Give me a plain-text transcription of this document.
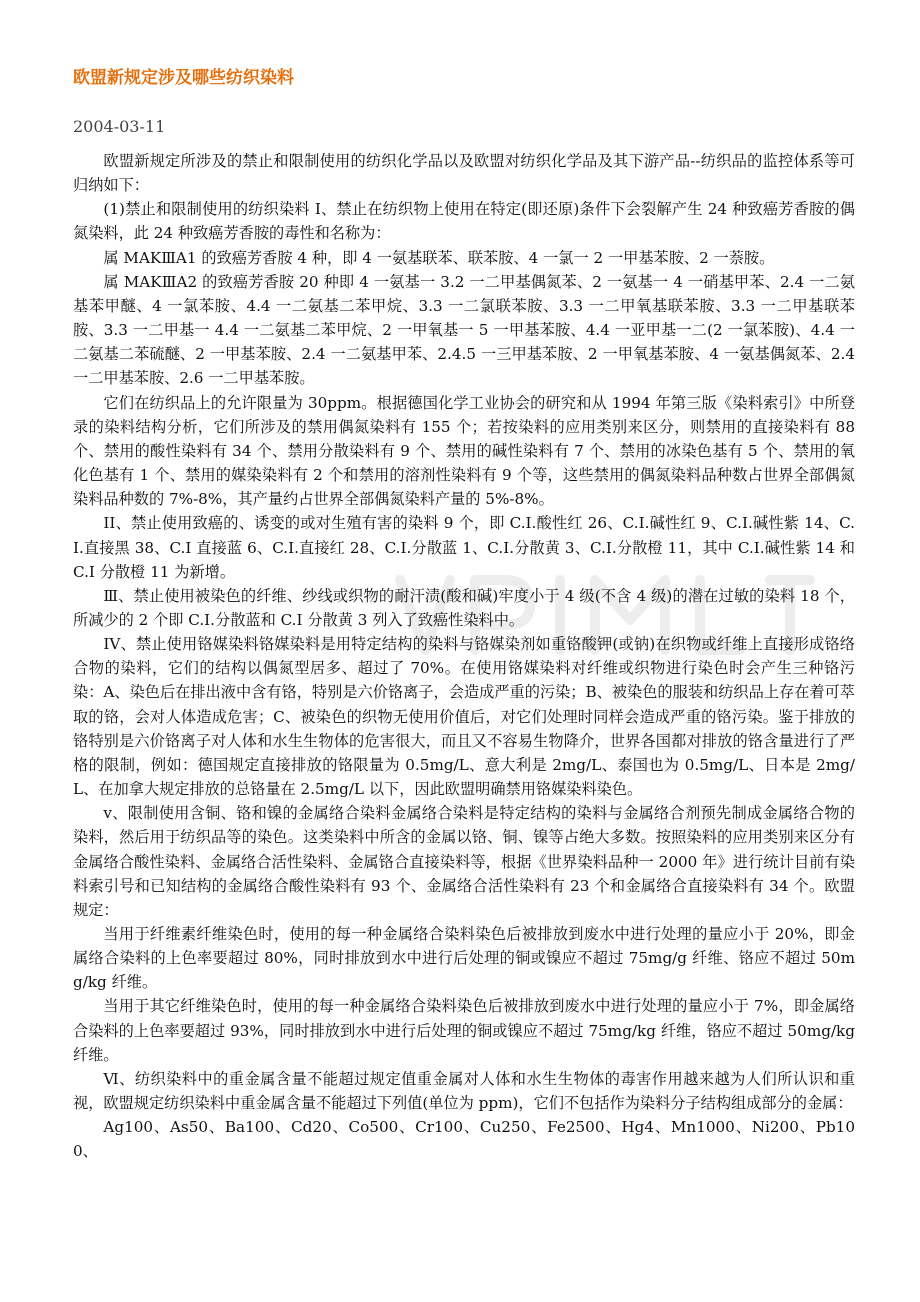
欧盟新规定涉及哪些纺织染料
2004-03-11

欧盟新规定所涉及的禁止和限制使用的纺织化学品以及欧盟对纺织化学品及其下游产品--纺织品的监控体系等可归纳如下：

(1)禁止和限制使用的纺织染料 I、禁止在纺织物上使用在特定(即还原)条件下会裂解产生 24 种致癌芳香胺的偶氮染料，此 24 种致癌芳香胺的毒性和名称为：

属 MAKⅢA1 的致癌芳香胺 4 种，即 4 一氨基联苯、联苯胺、4 一氯一 2 一甲基苯胺、2 一萘胺。

属 MAKⅢA2 的致癌芳香胺 20 种即 4 一氨基一 3.2 一二甲基偶氮苯、2 一氨基一 4 一硝基甲苯、2.4 一二氨基苯甲醚、4 一氯苯胺、4.4 一二氨基二苯甲烷、3.3 一二氯联苯胺、3.3 一二甲氧基联苯胺、3.3 一二甲基联苯胺、3.3 一二甲基一 4.4 一二氨基二苯甲烷、2 一甲氧基一 5 一甲基苯胺、4.4 一亚甲基一二(2 一氯苯胺)、4.4 一二氨基二苯硫醚、2 一甲基苯胺、2.4 一二氨基甲苯、2.4.5 一三甲基苯胺、2 一甲氧基苯胺、4 一氨基偶氮苯、2.4 一二甲基苯胺、2.6 一二甲基苯胺。

它们在纺织品上的允许限量为 30ppm。根据德国化学工业协会的研究和从 1994 年第三版《染料索引》中所登录的染料结构分析，它们所涉及的禁用偶氮染料有 155 个；若按染料的应用类别来区分，则禁用的直接染料有 88 个、禁用的酸性染料有 34 个、禁用分散染料有 9 个、禁用的碱性染料有 7 个、禁用的冰染色基有 5 个、禁用的氧化色基有 1 个、禁用的媒染染料有 2 个和禁用的溶剂性染料有 9 个等，这些禁用的偶氮染料品种数占世界全部偶氮染料品种数的 7%-8%，其产量约占世界全部偶氮染料产量的 5%-8%。

II、禁止使用致癌的、诱变的或对生殖有害的染料 9 个，即 C.I.酸性红 26、C.I.碱性红 9、C.I.碱性紫 14、C.I.直接黑 38、C.I 直接蓝 6、C.I.直接红 28、C.I.分散蓝 1、C.I.分散黄 3、C.I.分散橙 11，其中 C.I.碱性紫 14 和 C.I 分散橙 11 为新增。

Ⅲ、禁止使用被染色的纤维、纱线或织物的耐汗渍(酸和碱)牢度小于 4 级(不含 4 级)的潜在过敏的染料 18 个，所减少的 2 个即 C.I.分散蓝和 C.I 分散黄 3 列入了致癌性染料中。

IV、禁止使用铬媒染料铬媒染料是用特定结构的染料与铬媒染剂如重铬酸钾(或钠)在织物或纤维上直接形成铬络合物的染料，它们的结构以偶氮型居多、超过了 70%。在使用铬媒染料对纤维或织物进行染色时会产生三种铬污染：A、染色后在排出液中含有铬，特别是六价铬离子，会造成严重的污染；B、被染色的服装和纺织品上存在着可萃取的铬，会对人体造成危害；C、被染色的织物无使用价值后，对它们处理时同样会造成严重的铬污染。鉴于排放的铬特别是六价铬离子对人体和水生生物体的危害很大，而且又不容易生物降介，世界各国都对排放的铬含量进行了严格的限制，例如：德国规定直接排放的铬限量为 0.5mg/L、意大利是 2mg/L、泰国也为 0.5mg/L、日本是 2mg/L、在加拿大规定排放的总铬量在 2.5mg/L 以下，因此欧盟明确禁用铬媒染料染色。

ⅴ、限制使用含铜、铬和镍的金属络合染料金属络合染料是特定结构的染料与金属络合剂预先制成金属络合物的染料，然后用于纺织品等的染色。这类染料中所含的金属以铬、铜、镍等占绝大多数。按照染料的应用类别来区分有金属络合酸性染料、金属络合活性染料、金属铬合直接染料等，根据《世界染料品种一 2000 年》进行统计目前有染料索引号和已知结构的金属络合酸性染料有 93 个、金属络合活性染料有 23 个和金属络合直接染料有 34 个。欧盟规定：

当用于纤维素纤维染色时，使用的每一种金属络合染料染色后被排放到废水中进行处理的量应小于 20%，即金属络合染料的上色率要超过 80%，同时排放到水中进行后处理的铜或镍应不超过 75mg/g 纤维、铬应不超过 50mg/kg 纤维。

当用于其它纤维染色时，使用的每一种金属络合染料染色后被排放到废水中进行处理的量应小于 7%，即金属络合染料的上色率要超过 93%，同时排放到水中进行后处理的铜或镍应不超过 75mg/kg 纤维，铬应不超过 50mg/kg 纤维。

Ⅵ、纺织染料中的重金属含量不能超过规定值重金属对人体和水生生物体的毒害作用越来越为人们所认识和重视，欧盟规定纺织染料中重金属含量不能超过下列值(单位为 ppm)，它们不包括作为染料分子结构组成部分的金属：

Ag100、As50、Ba100、Cd20、Co500、Cr100、Cu250、Fe2500、Hg4、Mn1000、Ni200、Pb100、
